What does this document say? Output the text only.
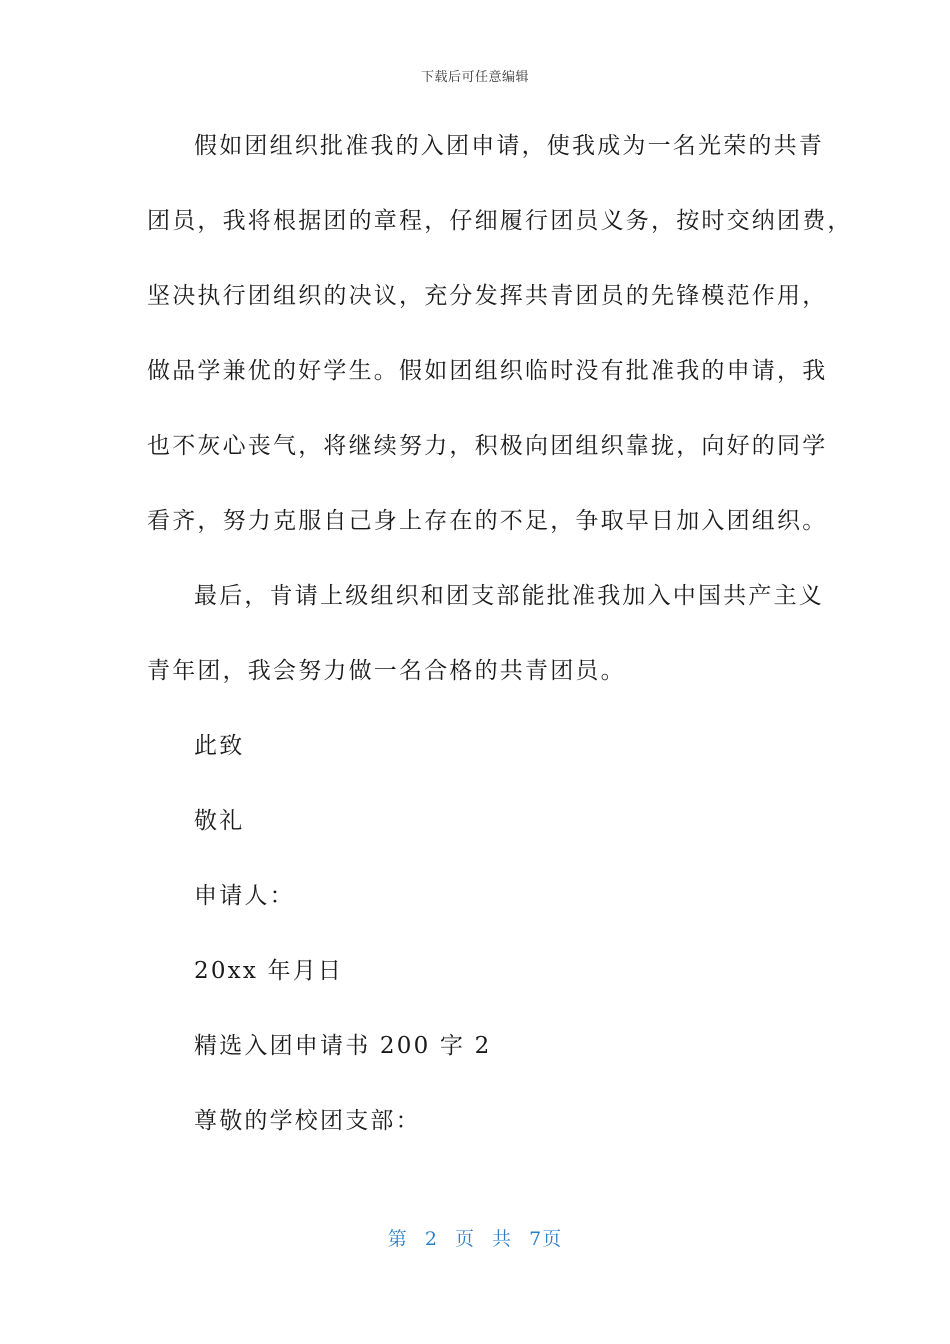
下载后可任意编辑
假如团组织批准我的入团申请，使我成为一名光荣的共青
团员，我将根据团的章程，仔细履行团员义务，按时交纳团费，
坚决执行团组织的决议，充分发挥共青团员的先锋模范作用，
做品学兼优的好学生。假如团组织临时没有批准我的申请，我
也不灰心丧气，将继续努力，积极向团组织靠拢，向好的同学
看齐，努力克服自己身上存在的不足，争取早日加入团组织。
最后，肯请上级组织和团支部能批准我加入中国共产主义
青年团，我会努力做一名合格的共青团员。
此致
敬礼
申请人：
20xx 年月日
精选入团申请书 200 字 2
尊敬的学校团支部：
第 2 页 共 7页
